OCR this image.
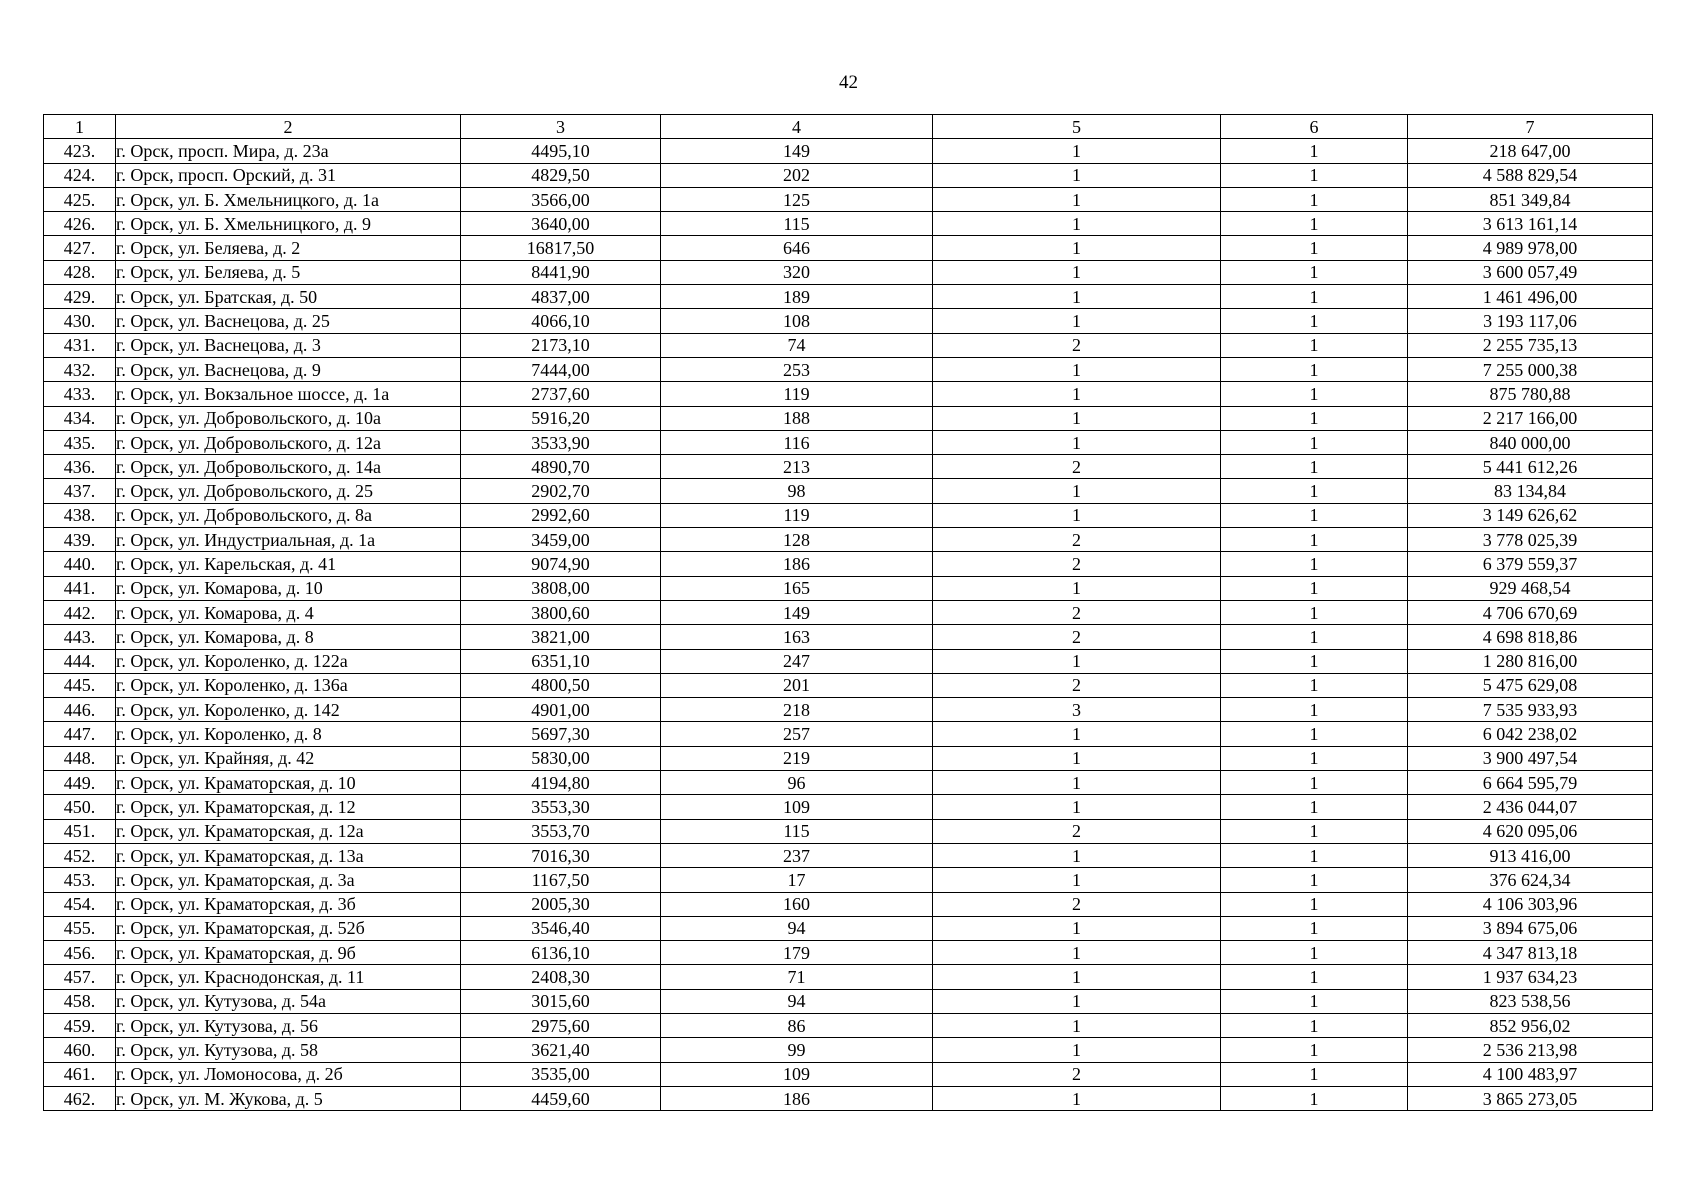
42
1	2	3	4	5	6	7
423.	г. Орск, просп. Мира, д. 23а	4495,10	149	1	1	218 647,00
424.	г. Орск, просп. Орский, д. 31	4829,50	202	1	1	4 588 829,54
425.	г. Орск, ул. Б. Хмельницкого, д. 1а	3566,00	125	1	1	851 349,84
426.	г. Орск, ул. Б. Хмельницкого, д. 9	3640,00	115	1	1	3 613 161,14
427.	г. Орск, ул. Беляева, д. 2	16817,50	646	1	1	4 989 978,00
428.	г. Орск, ул. Беляева, д. 5	8441,90	320	1	1	3 600 057,49
429.	г. Орск, ул. Братская, д. 50	4837,00	189	1	1	1 461 496,00
430.	г. Орск, ул. Васнецова, д. 25	4066,10	108	1	1	3 193 117,06
431.	г. Орск, ул. Васнецова, д. 3	2173,10	74	2	1	2 255 735,13
432.	г. Орск, ул. Васнецова, д. 9	7444,00	253	1	1	7 255 000,38
433.	г. Орск, ул. Вокзальное шоссе, д. 1а	2737,60	119	1	1	875 780,88
434.	г. Орск, ул. Добровольского, д. 10а	5916,20	188	1	1	2 217 166,00
435.	г. Орск, ул. Добровольского, д. 12а	3533,90	116	1	1	840 000,00
436.	г. Орск, ул. Добровольского, д. 14а	4890,70	213	2	1	5 441 612,26
437.	г. Орск, ул. Добровольского, д. 25	2902,70	98	1	1	83 134,84
438.	г. Орск, ул. Добровольского, д. 8а	2992,60	119	1	1	3 149 626,62
439.	г. Орск, ул. Индустриальная, д. 1а	3459,00	128	2	1	3 778 025,39
440.	г. Орск, ул. Карельская, д. 41	9074,90	186	2	1	6 379 559,37
441.	г. Орск, ул. Комарова, д. 10	3808,00	165	1	1	929 468,54
442.	г. Орск, ул. Комарова, д. 4	3800,60	149	2	1	4 706 670,69
443.	г. Орск, ул. Комарова, д. 8	3821,00	163	2	1	4 698 818,86
444.	г. Орск, ул. Короленко, д. 122а	6351,10	247	1	1	1 280 816,00
445.	г. Орск, ул. Короленко, д. 136а	4800,50	201	2	1	5 475 629,08
446.	г. Орск, ул. Короленко, д. 142	4901,00	218	3	1	7 535 933,93
447.	г. Орск, ул. Короленко, д. 8	5697,30	257	1	1	6 042 238,02
448.	г. Орск, ул. Крайняя, д. 42	5830,00	219	1	1	3 900 497,54
449.	г. Орск, ул. Краматорская, д. 10	4194,80	96	1	1	6 664 595,79
450.	г. Орск, ул. Краматорская, д. 12	3553,30	109	1	1	2 436 044,07
451.	г. Орск, ул. Краматорская, д. 12а	3553,70	115	2	1	4 620 095,06
452.	г. Орск, ул. Краматорская, д. 13а	7016,30	237	1	1	913 416,00
453.	г. Орск, ул. Краматорская, д. 3а	1167,50	17	1	1	376 624,34
454.	г. Орск, ул. Краматорская, д. 3б	2005,30	160	2	1	4 106 303,96
455.	г. Орск, ул. Краматорская, д. 52б	3546,40	94	1	1	3 894 675,06
456.	г. Орск, ул. Краматорская, д. 9б	6136,10	179	1	1	4 347 813,18
457.	г. Орск, ул. Краснодонская, д. 11	2408,30	71	1	1	1 937 634,23
458.	г. Орск, ул. Кутузова, д. 54а	3015,60	94	1	1	823 538,56
459.	г. Орск, ул. Кутузова, д. 56	2975,60	86	1	1	852 956,02
460.	г. Орск, ул. Кутузова, д. 58	3621,40	99	1	1	2 536 213,98
461.	г. Орск, ул. Ломоносова, д. 2б	3535,00	109	2	1	4 100 483,97
462.	г. Орск, ул. М. Жукова, д. 5	4459,60	186	1	1	3 865 273,05
